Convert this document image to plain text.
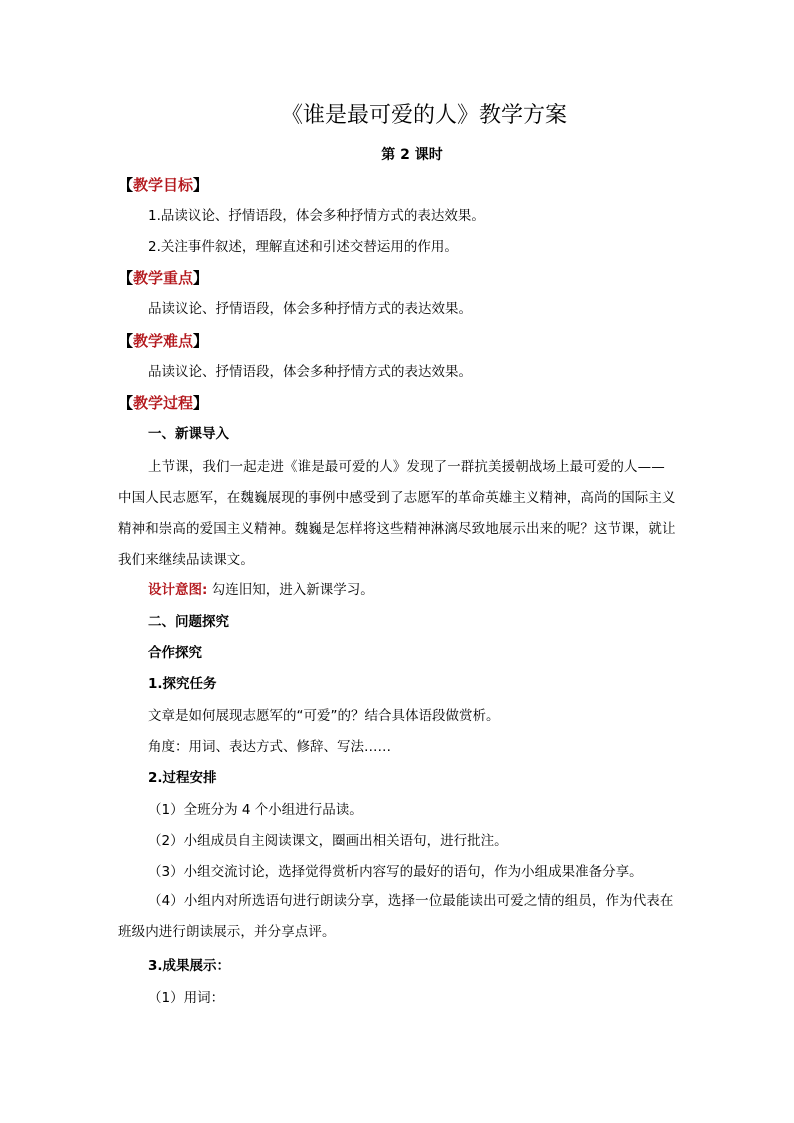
《谁是最可爱的人》教学方案
第 2 课时
【教学目标】
1.品读议论、抒情语段，体会多种抒情方式的表达效果。
2.关注事件叙述，理解直述和引述交替运用的作用。
【教学重点】
品读议论、抒情语段，体会多种抒情方式的表达效果。
【教学难点】
品读议论、抒情语段，体会多种抒情方式的表达效果。
【教学过程】
一、新课导入
上节课，我们一起走进《谁是最可爱的人》发现了一群抗美援朝战场上最可爱的人——中国人民志愿军，在魏巍展现的事例中感受到了志愿军的革命英雄主义精神，高尚的国际主义精神和崇高的爱国主义精神。魏巍是怎样将这些精神淋漓尽致地展示出来的呢？这节课，就让我们来继续品读课文。
设计意图: 勾连旧知，进入新课学习。
二、问题探究
合作探究
1.探究任务
文章是如何展现志愿军的“可爱”的？结合具体语段做赏析。
角度：用词、表达方式、修辞、写法……
2.过程安排
（1）全班分为 4 个小组进行品读。
（2）小组成员自主阅读课文，圈画出相关语句，进行批注。
（3）小组交流讨论，选择觉得赏析内容写的最好的语句，作为小组成果准备分享。
（4）小组内对所选语句进行朗读分享，选择一位最能读出可爱之情的组员，作为代表在班级内进行朗读展示，并分享点评。
3.成果展示：
（1）用词：
